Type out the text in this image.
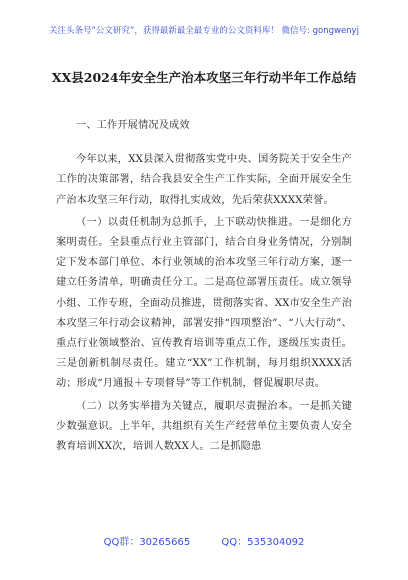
关注头条号“公文研究”，获得最新最全最专业的公文资料库！ 微信号: gongwenyj
XX县2024年安全生产治本攻坚三年行动半年工作总结

一、工作开展情况及成效

今年以来，XX县深入贯彻落实党中央、国务院关于安全生产工作的决策部署，结合我县安全生产工作实际，全面开展安全生产治本攻坚三年行动，取得扎实成效，先后荣获XXXX荣誉。

（一）以责任机制为总抓手，上下联动快推进。一是细化方案明责任。全县重点行业主管部门，结合自身业务情况，分别制定下发本部门单位、本行业领域的治本攻坚三年行动方案，逐一建立任务清单，明确责任分工。二是高位部署压责任。成立领导小组、工作专班，全面动员推进，贯彻落实省、XX市安全生产治本攻坚三年行动会议精神，部署安排“四项整治”、“八大行动”、重点行业领域整治、宣传教育培训等重点工作，逐级压实责任。三是创新机制尽责任。建立“XX”工作机制，每月组织XXXX活动；形成“月通报＋专项督导”等工作机制，督促履职尽责。

（二）以务实举措为关键点，履职尽责握治本。一是抓关键少数强意识。上半年，共组织有关生产经营单位主要负责人安全教育培训XX次，培训人数XX人。二是抓隐患

QQ群：30265665	QQ：535304092
